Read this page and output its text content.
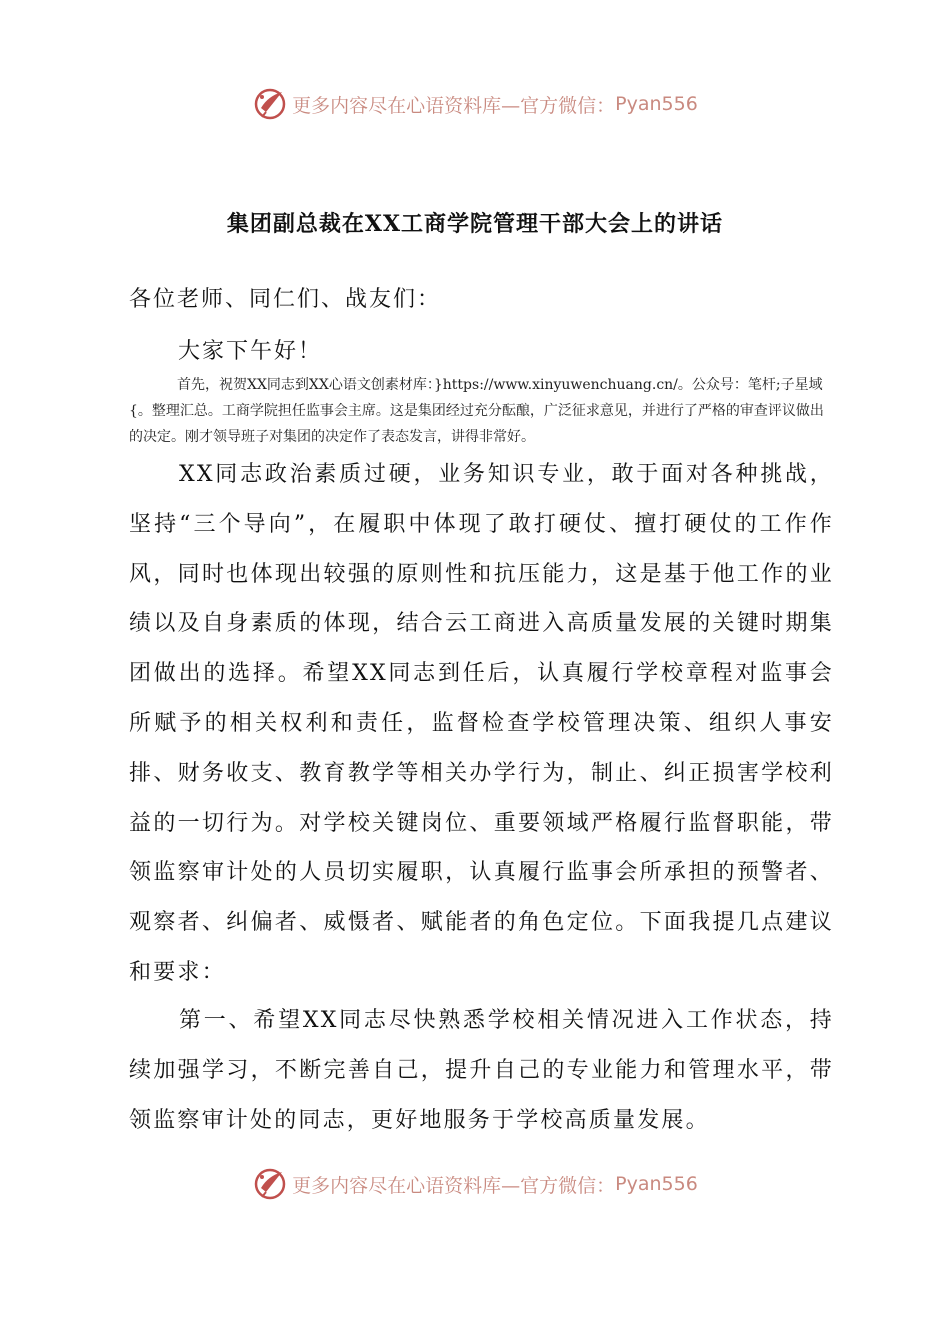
更多内容尽在心语资料库—官方微信： Pyan556
集团副总裁在XX工商学院管理干部大会上的讲话
各位老师、同仁们、战友们：
大家下午好！
首先，祝贺XX同志到XX心语文创素材库：}https://www.xinyuwenchuang.cn/。公众号：笔杆;子星域{。整理汇总。工商学院担任监事会主席。这是集团经过充分酝酿，广泛征求意见，并进行了严格的审查评议做出的决定。刚才领导班子对集团的决定作了表态发言，讲得非常好。
XX同志政治素质过硬，业务知识专业，敢于面对各种挑战，坚持“三个导向”，在履职中体现了敢打硬仗、擅打硬仗的工作作风，同时也体现出较强的原则性和抗压能力，这是基于他工作的业绩以及自身素质的体现，结合云工商进入高质量发展的关键时期集团做出的选择。希望XX同志到任后，认真履行学校章程对监事会所赋予的相关权利和责任，监督检查学校管理决策、组织人事安排、财务收支、教育教学等相关办学行为，制止、纠正损害学校利益的一切行为。对学校关键岗位、重要领域严格履行监督职能，带领监察审计处的人员切实履职，认真履行监事会所承担的预警者、观察者、纠偏者、威慑者、赋能者的角色定位。下面我提几点建议和要求：
第一、希望XX同志尽快熟悉学校相关情况进入工作状态，持续加强学习，不断完善自己，提升自己的专业能力和管理水平，带领监察审计处的同志，更好地服务于学校高质量发展。
更多内容尽在心语资料库—官方微信： Pyan556
